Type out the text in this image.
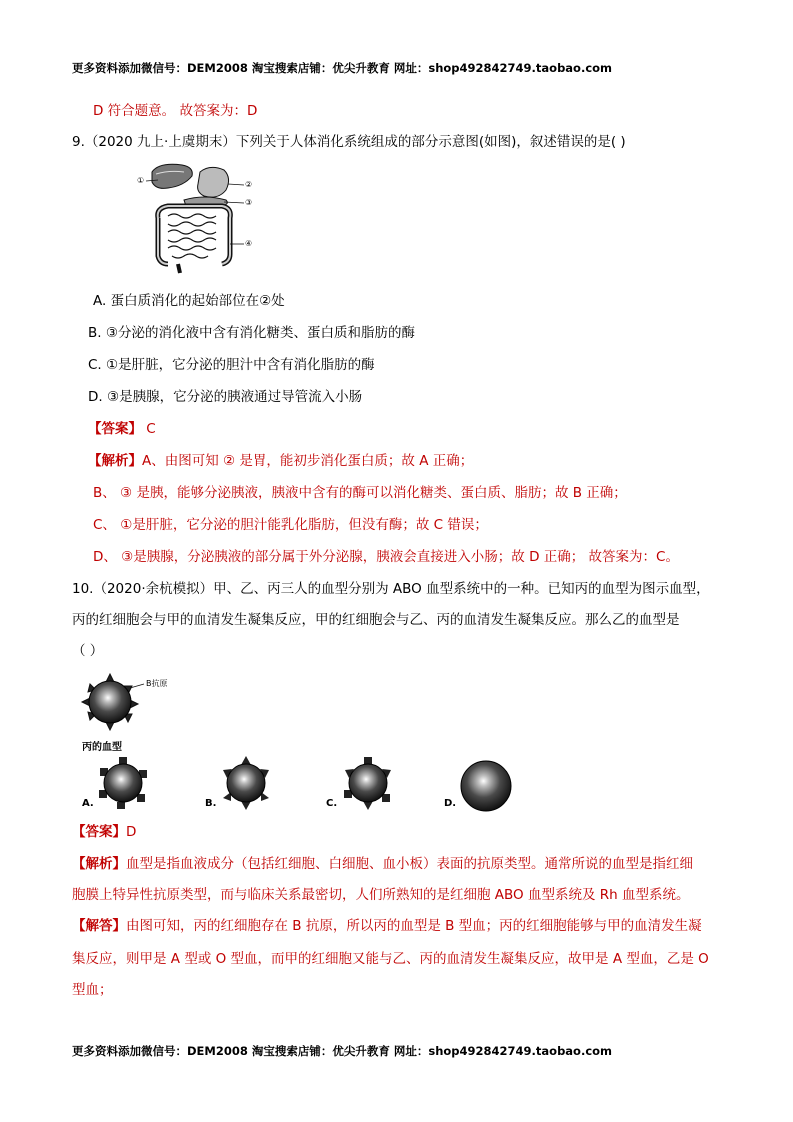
更多资料添加微信号：DEM2008 淘宝搜索店铺：优尖升教育 网址：shop492842749.taobao.com
D 符合题意。 故答案为：D
9.（2020 九上·上虞期末）下列关于人体消化系统组成的部分示意图(如图)，叙述错误的是( )
①	②
③
④
A. 蛋白质消化的起始部位在②处
B. ③分泌的消化液中含有消化糖类、蛋白质和脂肪的酶
C. ①是肝脏，它分泌的胆汁中含有消化脂肪的酶
D. ③是胰腺，它分泌的胰液通过导管流入小肠
【答案】 C
【解析】A、由图可知 ② 是胃，能初步消化蛋白质；故 A 正确；
B、 ③ 是胰，能够分泌胰液，胰液中含有的酶可以消化糖类、蛋白质、脂肪；故 B 正确；
C、 ①是肝脏，它分泌的胆汁能乳化脂肪，但没有酶；故 C 错误；
D、 ③是胰腺，分泌胰液的部分属于外分泌腺，胰液会直接进入小肠；故 D 正确； 故答案为：C。
10.（2020·余杭模拟）甲、乙、丙三人的血型分别为 ABO 血型系统中的一种。已知丙的血型为图示血型，
丙的红细胞会与甲的血清发生凝集反应，甲的红细胞会与乙、丙的血清发生凝集反应。那么乙的血型是
（ ）
B抗原
丙的血型
A.	B.	C.	D.
【答案】D
【解析】血型是指血液成分（包括红细胞、白细胞、血小板）表面的抗原类型。通常所说的血型是指红细
胞膜上特异性抗原类型，而与临床关系最密切，人们所熟知的是红细胞 ABO 血型系统及 Rh 血型系统。
【解答】由图可知，丙的红细胞存在 B 抗原，所以丙的血型是 B 型血；丙的红细胞能够与甲的血清发生凝
集反应，则甲是 A 型或 O 型血，而甲的红细胞又能与乙、丙的血清发生凝集反应，故甲是 A 型血，乙是 O
型血；
更多资料添加微信号：DEM2008 淘宝搜索店铺：优尖升教育 网址：shop492842749.taobao.com
